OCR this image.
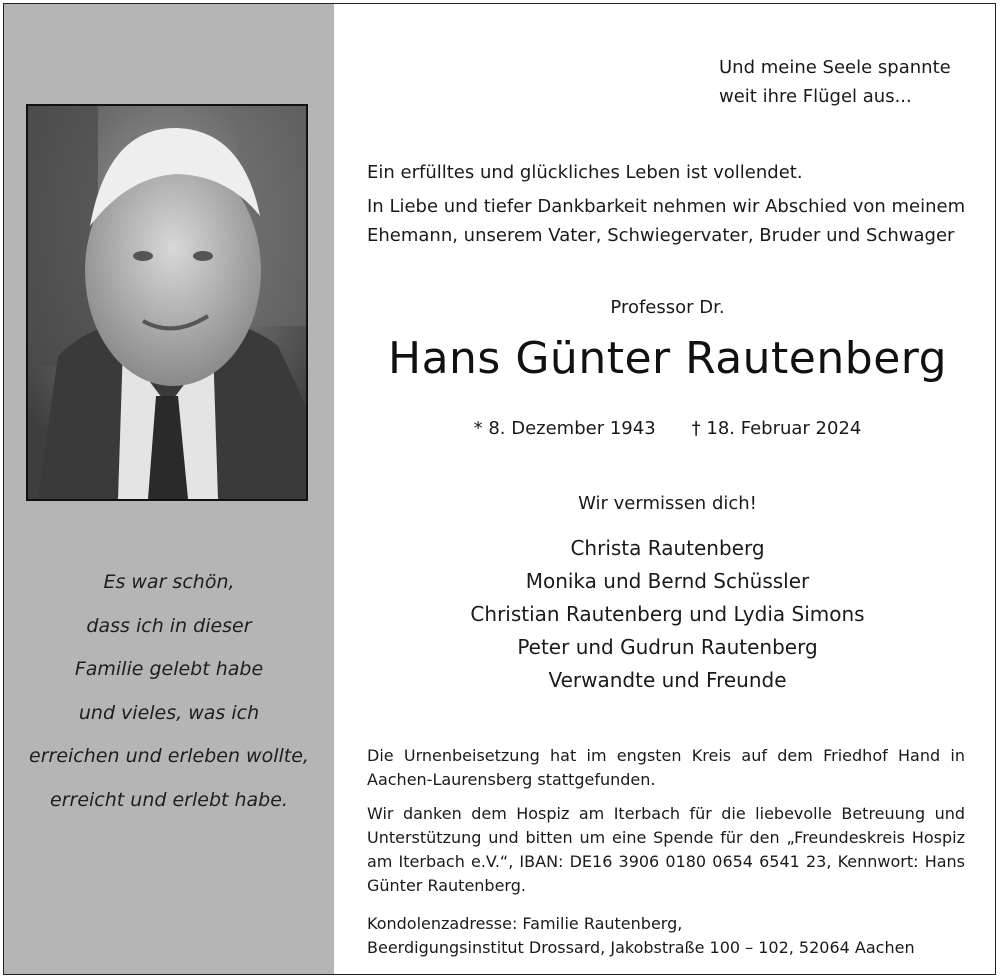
Es war schön,
dass ich in dieser
Familie gelebt habe
und vieles, was ich
erreichen und erleben wollte,
erreicht und erlebt habe.
Und meine Seele spannte
weit ihre Flügel aus...
Ein erfülltes und glückliches Leben ist vollendet.
In Liebe und tiefer Dankbarkeit nehmen wir Abschied von meinem
Ehemann, unserem Vater, Schwiegervater, Bruder und Schwager
Professor Dr.
Hans Günter Rautenberg
* 8. Dezember 1943 † 18. Februar 2024
Wir vermissen dich!
Christa Rautenberg
Monika und Bernd Schüssler
Christian Rautenberg und Lydia Simons
Peter und Gudrun Rautenberg
Verwandte und Freunde
Die Urnenbeisetzung hat im engsten Kreis auf dem Friedhof Hand in Aachen-Laurensberg stattgefunden.
Wir danken dem Hospiz am Iterbach für die liebevolle Betreuung und Unterstützung und bitten um eine Spende für den „Freundeskreis Hospiz am Iterbach e.V.“, IBAN: DE16 3906 0180 0654 6541 23, Kennwort: Hans Günter Rautenberg.
Kondolenzadresse: Familie Rautenberg,
Beerdigungsinstitut Drossard, Jakobstraße 100 – 102, 52064 Aachen
